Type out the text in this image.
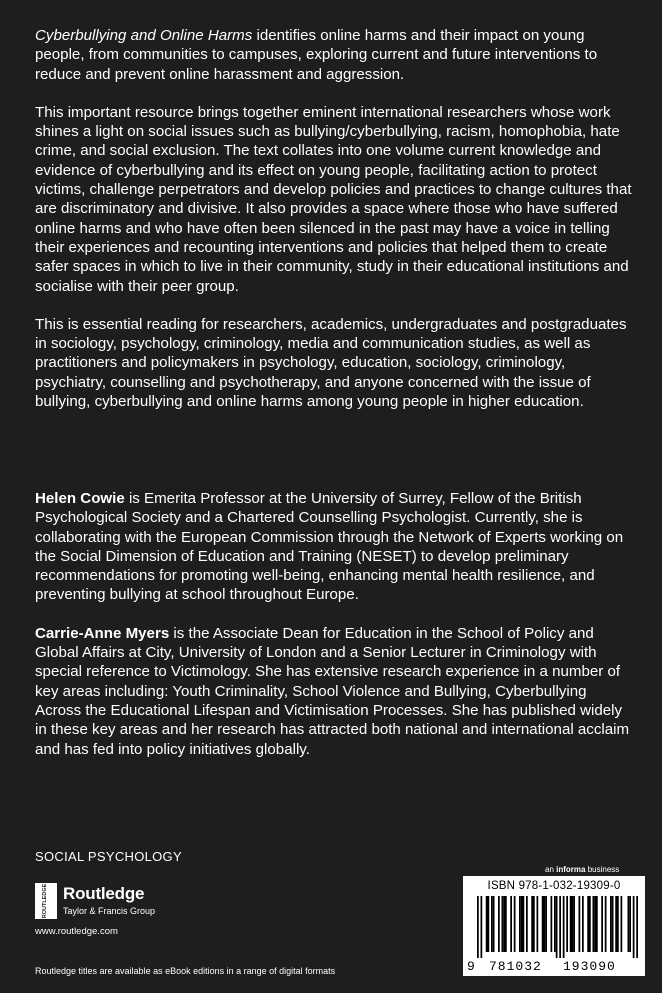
Cyberbullying and Online Harms identifies online harms and their impact on young people, from communities to campuses, exploring current and future interventions to reduce and prevent online harassment and aggression.

This important resource brings together eminent international researchers whose work shines a light on social issues such as bullying/cyberbullying, racism, homophobia, hate crime, and social exclusion. The text collates into one volume current knowledge and evidence of cyberbullying and its effect on young people, facilitating action to protect victims, challenge perpetrators and develop policies and practices to change cultures that are discriminatory and divisive. It also provides a space where those who have suffered online harms and who have often been silenced in the past may have a voice in telling their experiences and recounting interventions and policies that helped them to create safer spaces in which to live in their community, study in their educational institutions and socialise with their peer group.

This is essential reading for researchers, academics, undergraduates and postgraduates in sociology, psychology, criminology, media and communication studies, as well as practitioners and policymakers in psychology, education, sociology, criminology, psychiatry, counselling and psychotherapy, and anyone concerned with the issue of bullying, cyberbullying and online harms among young people in higher education.

Helen Cowie is Emerita Professor at the University of Surrey, Fellow of the British Psychological Society and a Chartered Counselling Psychologist. Currently, she is collaborating with the European Commission through the Network of Experts working on the Social Dimension of Education and Training (NESET) to develop preliminary recommendations for promoting well-being, enhancing mental health resilience, and preventing bullying at school throughout Europe.

Carrie-Anne Myers is the Associate Dean for Education in the School of Policy and Global Affairs at City, University of London and a Senior Lecturer in Criminology with special reference to Victimology. She has extensive research experience in a number of key areas including: Youth Criminality, School Violence and Bullying, Cyberbullying Across the Educational Lifespan and Victimisation Processes. She has published widely in these key areas and her research has attracted both national and international acclaim and has fed into policy initiatives globally.

SOCIAL PSYCHOLOGY
ROUTLEDGE Routledge
Taylor & Francis Group
www.routledge.com
Routledge titles are available as eBook editions in a range of digital formats
an informa business
ISBN 978-1-032-19309-0
9 781032 193090
